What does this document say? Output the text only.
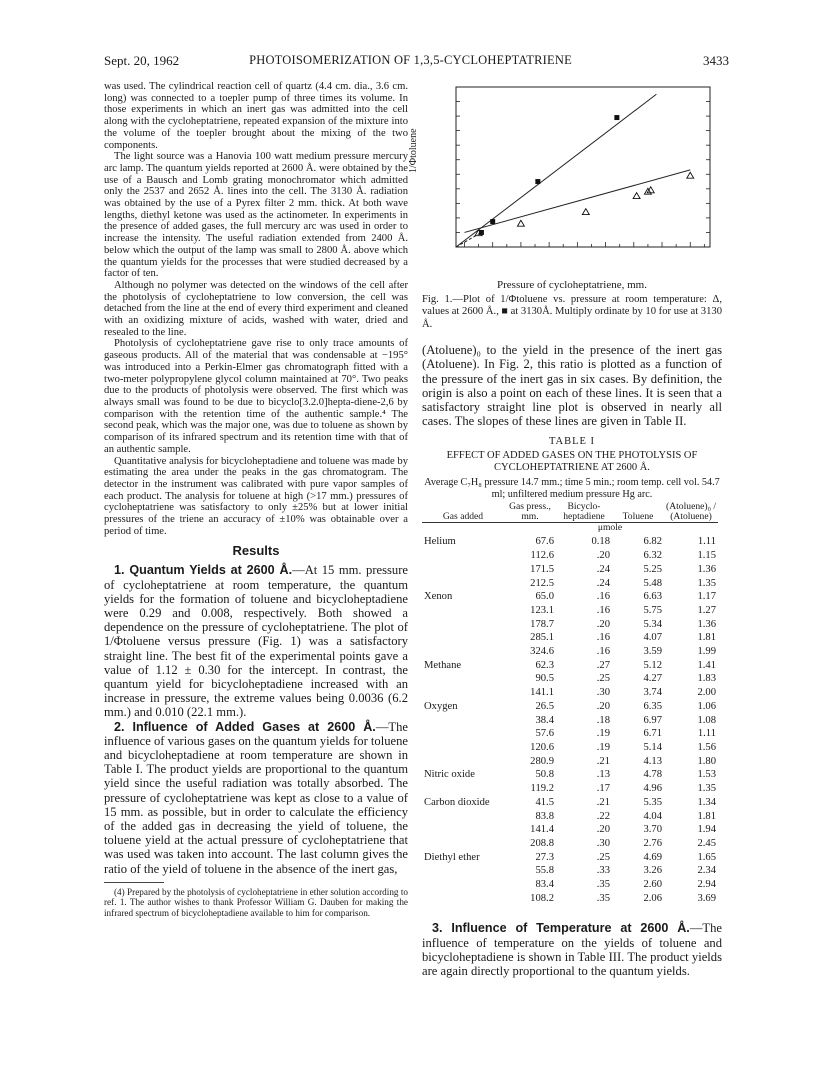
Sept. 20, 1962	PHOTOISOMERIZATION OF 1,3,5-CYCLOHEPTATRIENE	3433

was used. The cylindrical reaction cell of quartz (4.4 cm. dia., 3.6 cm. long) was connected to a toepler pump of three times its volume. In those experiments in which an inert gas was admitted into the cell along with the cycloheptatriene, repeated expansion of the mixture into the volume of the toepler brought about the mixing of the two components.

The light source was a Hanovia 100 watt medium pressure mercury arc lamp. The quantum yields reported at 2600 Å. were obtained by the use of a Bausch and Lomb grating monochromator which admitted only the 2537 and 2652 Å. lines into the cell. The 3130 Å. radiation was obtained by the use of a Pyrex filter 2 mm. thick. At both wave lengths, diethyl ketone was used as the actinometer. In experiments in the presence of added gases, the full mercury arc was used in order to increase the intensity. The useful radiation extended from 2400 Å. below which the output of the lamp was small to 2800 Å. above which the quantum yields for the processes that were studied decreased by a factor of ten.

Although no polymer was detected on the windows of the cell after the photolysis of cycloheptatriene to low conversion, the cell was detached from the line at the end of every third experiment and cleaned with an oxidizing mixture of acids, washed with water, dried and resealed to the line.

Photolysis of cycloheptatriene gave rise to only trace amounts of gaseous products. All of the material that was condensable at −195° was introduced into a Perkin-Elmer gas chromatograph fitted with a two-meter polypropylene glycol column maintained at 70°. Two peaks due to the products of photolysis were observed. The first which was always small was found to be due to bicyclo[3.2.0]hepta-diene-2,6 by comparison with the retention time of the authentic sample.⁴ The second peak, which was the major one, was due to toluene as shown by comparison of its infrared spectrum and its retention time with that of an authentic sample.

Quantitative analysis for bicycloheptadiene and toluene was made by estimating the area under the peaks in the gas chromatogram. The detector in the instrument was calibrated with pure vapor samples of each product. The analysis for toluene at high (>17 mm.) pressures of cycloheptatriene was satisfactory to only ±25% but at lower initial pressures of the triene an accuracy of ±10% was obtainable over a period of time.

Results

1. Quantum Yields at 2600 Å.—At 15 mm. pressure of cycloheptatriene at room temperature, the quantum yields for the formation of toluene and bicycloheptadiene were 0.29 and 0.008, respectively. Both showed a dependence on the pressure of cycloheptatriene. The plot of 1/Φtoluene versus pressure (Fig. 1) was a satisfactory straight line. The best fit of the experimental points gave a value of 1.12 ± 0.30 for the intercept. In contrast, the quantum yield for bicycloheptadiene increased with an increase in pressure, the extreme values being 0.0036 (6.2 mm.) and 0.010 (22.1 mm.).

2. Influence of Added Gases at 2600 Å.—The influence of various gases on the quantum yields for toluene and bicycloheptadiene at room temperature are shown in Table I. The product yields are proportional to the quantum yield since the useful radiation was totally absorbed. The pressure of cycloheptatriene was kept as close to a value of 15 mm. as possible, but in order to calculate the efficiency of the added gas in decreasing the yield of toluene, the toluene yield at the actual pressure of cycloheptatriene that was used was taken into account. The last column gives the ratio of the yield of toluene in the absence of the inert gas,

(4) Prepared by the photolysis of cycloheptatriene in ether solution according to ref. 1. The author wishes to thank Professor William G. Dauben for making the infrared spectrum of bicycloheptadiene available to him for comparison.

1/Φtoluene
Pressure of cycloheptatriene, mm.

Fig. 1.—Plot of 1/Φtoluene vs. pressure at room temperature: Δ, values at 2600 Å., ■ at 3130Å. Multiply ordinate by 10 for use at 3130 Å.

(Atoluene)₀ to the yield in the presence of the inert gas (Atoluene). In Fig. 2, this ratio is plotted as a function of the pressure of the inert gas in six cases. By definition, the origin is also a point on each of these lines. It is seen that a satisfactory straight line plot is observed in nearly all cases. The slopes of these lines are given in Table II.

TABLE I
EFFECT OF ADDED GASES ON THE PHOTOLYSIS OF
CYCLOHEPTATRIENE AT 2600 Å.
Average C₇H₈ pressure 14.7 mm.; time 5 min.; room temp. cell vol. 54.7 ml; unfiltered medium pressure Hg arc.
Gas added	Gas press., mm.	Bicyclo-heptadiene	Toluene	(Atoluene)₀ / (Atoluene)
		μmole		
Helium	67.6	0.18	6.82	1.11
	112.6	.20	6.32	1.15
	171.5	.24	5.25	1.36
	212.5	.24	5.48	1.35
Xenon	65.0	.16	6.63	1.17
	123.1	.16	5.75	1.27
	178.7	.20	5.34	1.36
	285.1	.16	4.07	1.81
	324.6	.16	3.59	1.99
Methane	62.3	.27	5.12	1.41
	90.5	.25	4.27	1.83
	141.1	.30	3.74	2.00
Oxygen	26.5	.20	6.35	1.06
	38.4	.18	6.97	1.08
	57.6	.19	6.71	1.11
	120.6	.19	5.14	1.56
	280.9	.21	4.13	1.80
Nitric oxide	50.8	.13	4.78	1.53
	119.2	.17	4.96	1.35
Carbon dioxide	41.5	.21	5.35	1.34
	83.8	.22	4.04	1.81
	141.4	.20	3.70	1.94
	208.8	.30	2.76	2.45
Diethyl ether	27.3	.25	4.69	1.65
	55.8	.33	3.26	2.34
	83.4	.35	2.60	2.94
	108.2	.35	2.06	3.69

3. Influence of Temperature at 2600 Å.—The influence of temperature on the yields of toluene and bicycloheptadiene is shown in Table III. The product yields are again directly proportional to the quantum yields.
